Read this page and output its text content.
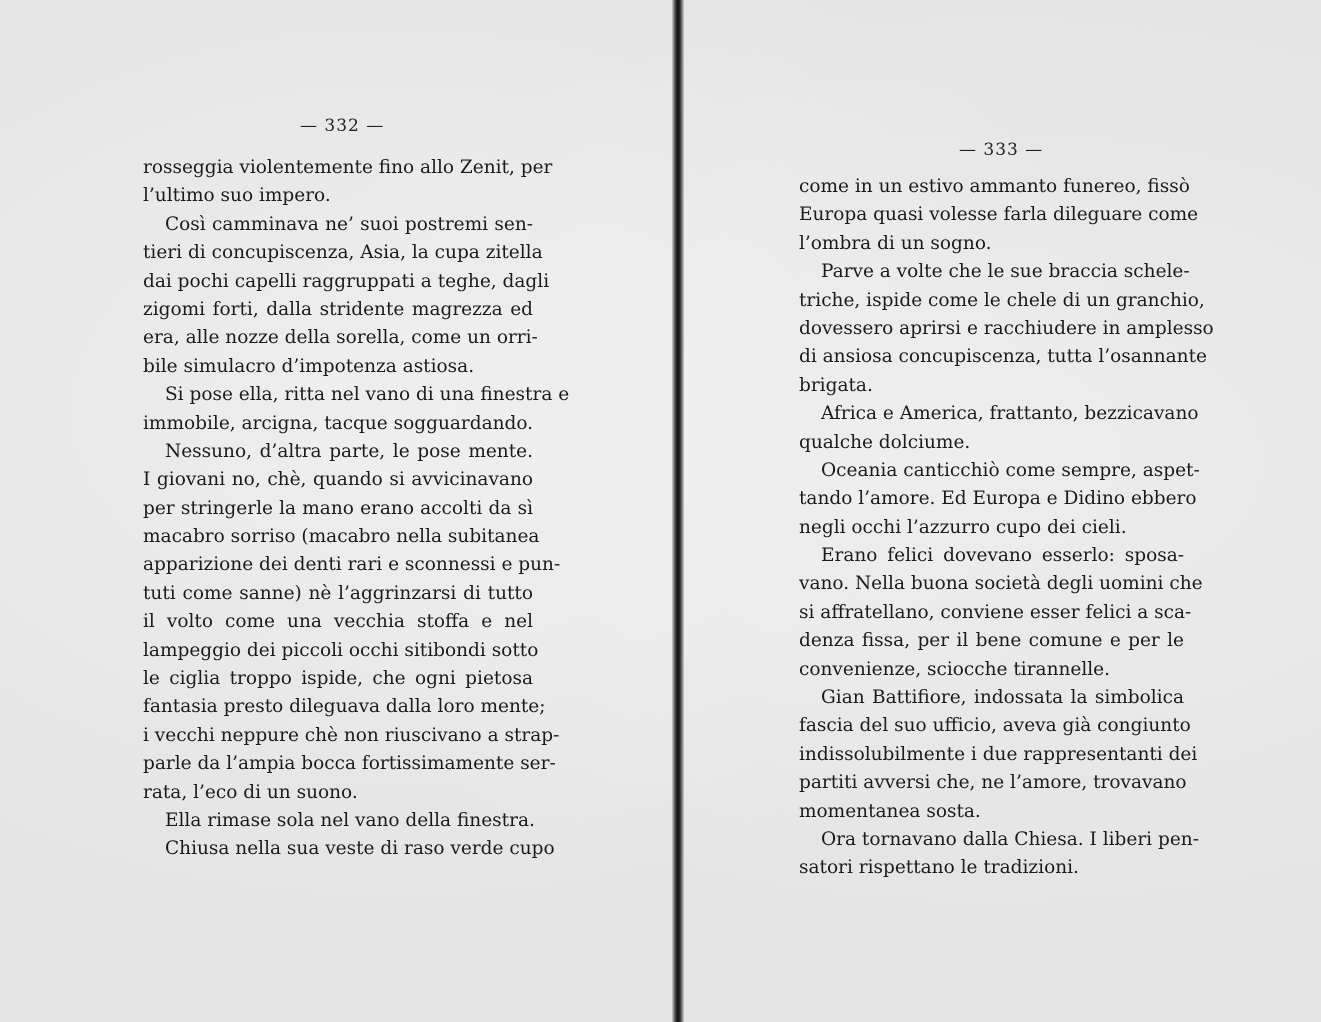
— 332 —
rosseggia violentemente fino allo Zenit, per
l’ultimo suo impero.
Così camminava ne’ suoi postremi sen-
tieri di concupiscenza, Asia, la cupa zitella
dai pochi capelli raggruppati a teghe, dagli
zigomi forti, dalla stridente magrezza ed
era, alle nozze della sorella, come un orri-
bile simulacro d’impotenza astiosa.
Si pose ella, ritta nel vano di una finestra e
immobile, arcigna, tacque sogguardando.
Nessuno, d’altra parte, le pose mente.
I giovani no, chè, quando si avvicinavano
per stringerle la mano erano accolti da sì
macabro sorriso (macabro nella subitanea
apparizione dei denti rari e sconnessi e pun-
tuti come sanne) nè l’aggrinzarsi di tutto
il volto come una vecchia stoffa e nel
lampeggio dei piccoli occhi sitibondi sotto
le ciglia troppo ispide, che ogni pietosa
fantasia presto dileguava dalla loro mente;
i vecchi neppure chè non riuscivano a strap-
parle da l’ampia bocca fortissimamente ser-
rata, l’eco di un suono.
Ella rimase sola nel vano della finestra.
Chiusa nella sua veste di raso verde cupo
— 333 —
come in un estivo ammanto funereo, fissò
Europa quasi volesse farla dileguare come
l’ombra di un sogno.
Parve a volte che le sue braccia schele-
triche, ispide come le chele di un granchio,
dovessero aprirsi e racchiudere in amplesso
di ansiosa concupiscenza, tutta l’osannante
brigata.
Africa e America, frattanto, bezzicavano
qualche dolciume.
Oceania canticchiò come sempre, aspet-
tando l’amore. Ed Europa e Didino ebbero
negli occhi l’azzurro cupo dei cieli.
Erano felici dovevano esserlo: sposa-
vano. Nella buona società degli uomini che
si affratellano, conviene esser felici a sca-
denza fissa, per il bene comune e per le
convenienze, sciocche tirannelle.
Gian Battifiore, indossata la simbolica
fascia del suo ufficio, aveva già congiunto
indissolubilmente i due rappresentanti dei
partiti avversi che, ne l’amore, trovavano
momentanea sosta.
Ora tornavano dalla Chiesa. I liberi pen-
satori rispettano le tradizioni.
